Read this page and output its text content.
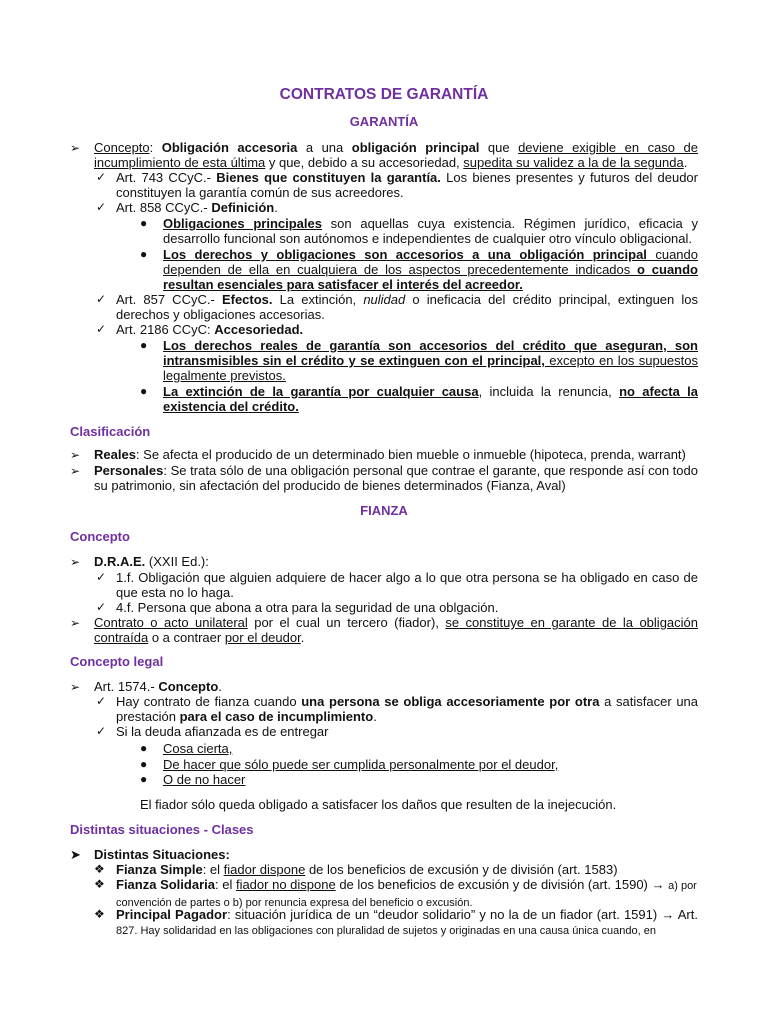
CONTRATOS DE GARANTÍA
GARANTÍA
➢	Concepto: Obligación accesoria a una obligación principal que deviene exigible en caso de incumplimiento de esta última y que, debido a su accesoriedad, supedita su validez a la de la segunda.
✓ Art. 743 CCyC.- Bienes que constituyen la garantía. Los bienes presentes y futuros del deudor constituyen la garantía común de sus acreedores.
✓ Art. 858 CCyC.- Definición.
● Obligaciones principales son aquellas cuya existencia. Régimen jurídico, eficacia y desarrollo funcional son autónomos e independientes de cualquier otro vínculo obligacional.
● Los derechos y obligaciones son accesorios a una obligación principal cuando dependen de ella en cualquiera de los aspectos precedentemente indicados o cuando resultan esenciales para satisfacer el interés del acreedor.
✓ Art. 857 CCyC.- Efectos. La extinción, nulidad o ineficacia del crédito principal, extinguen los derechos y obligaciones accesorias.
✓ Art. 2186 CCyC: Accesoriedad.
● Los derechos reales de garantía son accesorios del crédito que aseguran, son intransmisibles sin el crédito y se extinguen con el principal, excepto en los supuestos legalmente previstos.
● La extinción de la garantía por cualquier causa, incluida la renuncia, no afecta la existencia del crédito.
Clasificación
➢	Reales: Se afecta el producido de un determinado bien mueble o inmueble (hipoteca, prenda, warrant)
➢	Personales: Se trata sólo de una obligación personal que contrae el garante, que responde así con todo su patrimonio, sin afectación del producido de bienes determinados (Fianza, Aval)
FIANZA
Concepto
➢	D.R.A.E. (XXII Ed.):
✓ 1.f. Obligación que alguien adquiere de hacer algo a lo que otra persona se ha obligado en caso de que esta no lo haga.
✓ 4.f. Persona que abona a otra para la seguridad de una oblgación.
➢	Contrato o acto unilateral por el cual un tercero (fiador), se constituye en garante de la obligación contraída o a contraer por el deudor.
Concepto legal
➢	Art. 1574.- Concepto.
✓ Hay contrato de fianza cuando una persona se obliga accesoriamente por otra a satisfacer una prestación para el caso de incumplimiento.
✓ Si la deuda afianzada es de entregar
● Cosa cierta,
● De hacer que sólo puede ser cumplida personalmente por el deudor,
● O de no hacer
El fiador sólo queda obligado a satisfacer los daños que resulten de la inejecución.
Distintas situaciones - Clases
➤	Distintas Situaciones:
❖ Fianza Simple: el fiador dispone de los beneficios de excusión y de división (art. 1583)
❖ Fianza Solidaria: el fiador no dispone de los beneficios de excusión y de división (art. 1590) → a) por convención de partes o b) por renuncia expresa del beneficio o excusión.
❖ Principal Pagador: situación jurídica de un “deudor solidario” y no la de un fiador (art. 1591) → Art. 827. Hay solidaridad en las obligaciones con pluralidad de sujetos y originadas en una causa única cuando, en
